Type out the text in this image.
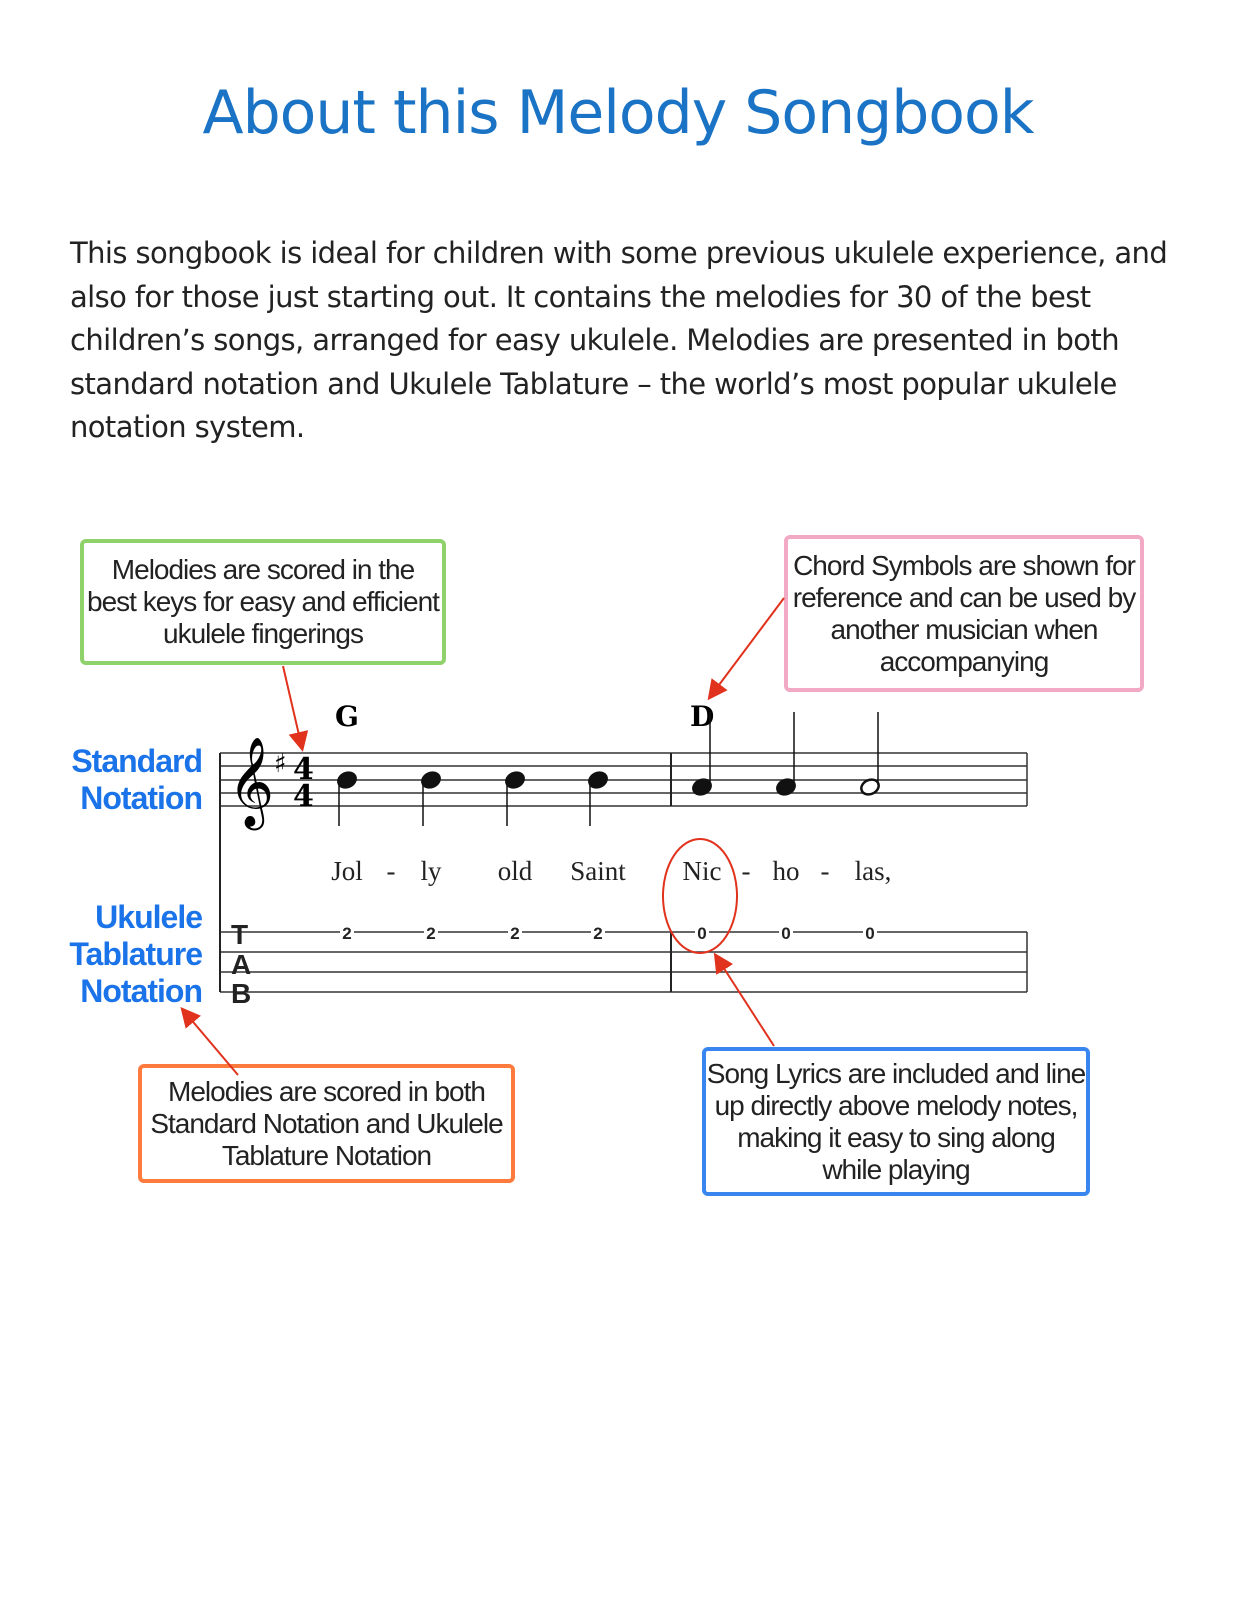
About this Melody Songbook
This songbook is ideal for children with some previous ukulele experience, and also for those just starting out. It contains the melodies for 30 of the best children’s songs, arranged for easy ukulele. Melodies are presented in both standard notation and Ukulele Tablature – the world’s most popular ukulele notation system.
Melodies are scored in the best keys for easy and efficient ukulele fingerings
Chord Symbols are shown for reference and can be used by another musician when accompanying
Melodies are scored in both Standard Notation and Ukulele Tablature Notation
Song Lyrics are included and line up directly above melody notes, making it easy to sing along while playing
Standard Notation
Ukulele Tablature Notation
𝄞 ♯ 4
4
G	D
Jol - ly old Saint Nic - ho - las,
T
A
B
2	2	2	2	0	0	0
